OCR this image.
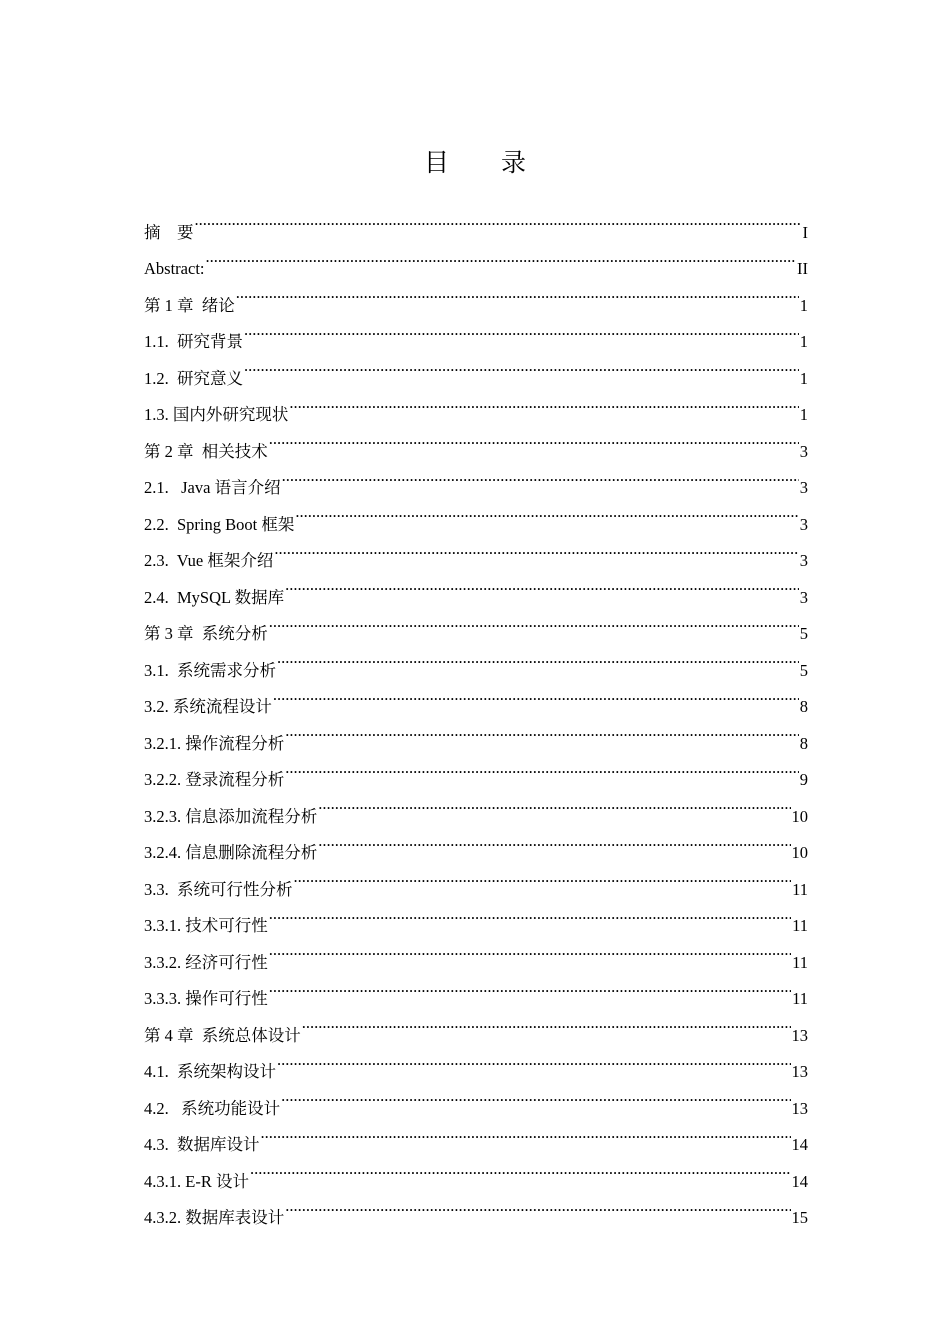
目 录
摘    要 .....	I
Abstract: .....	II
第 1 章  绪论 .....	1
1.1.  研究背景 .....	1
1.2.  研究意义 .....	1
1.3. 国内外研究现状 .....	1
第 2 章  相关技术 .....	3
2.1.   Java 语言介绍 .....	3
2.2.  Spring Boot 框架 .....	3
2.3.  Vue 框架介绍 .....	3
2.4.  MySQL 数据库 .....	3
第 3 章  系统分析 .....	5
3.1.  系统需求分析 .....	5
3.2. 系统流程设计 .....	8
3.2.1. 操作流程分析 .....	8
3.2.2. 登录流程分析 .....	9
3.2.3. 信息添加流程分析 .....	10
3.2.4. 信息删除流程分析 .....	10
3.3.  系统可行性分析 .....	11
3.3.1. 技术可行性 .....	11
3.3.2. 经济可行性 .....	11
3.3.3. 操作可行性 .....	11
第 4 章  系统总体设计 .....	13
4.1.  系统架构设计 .....	13
4.2.   系统功能设计 .....	13
4.3.  数据库设计 .....	14
4.3.1. E-R 设计 .....	14
4.3.2. 数据库表设计 .....	15
